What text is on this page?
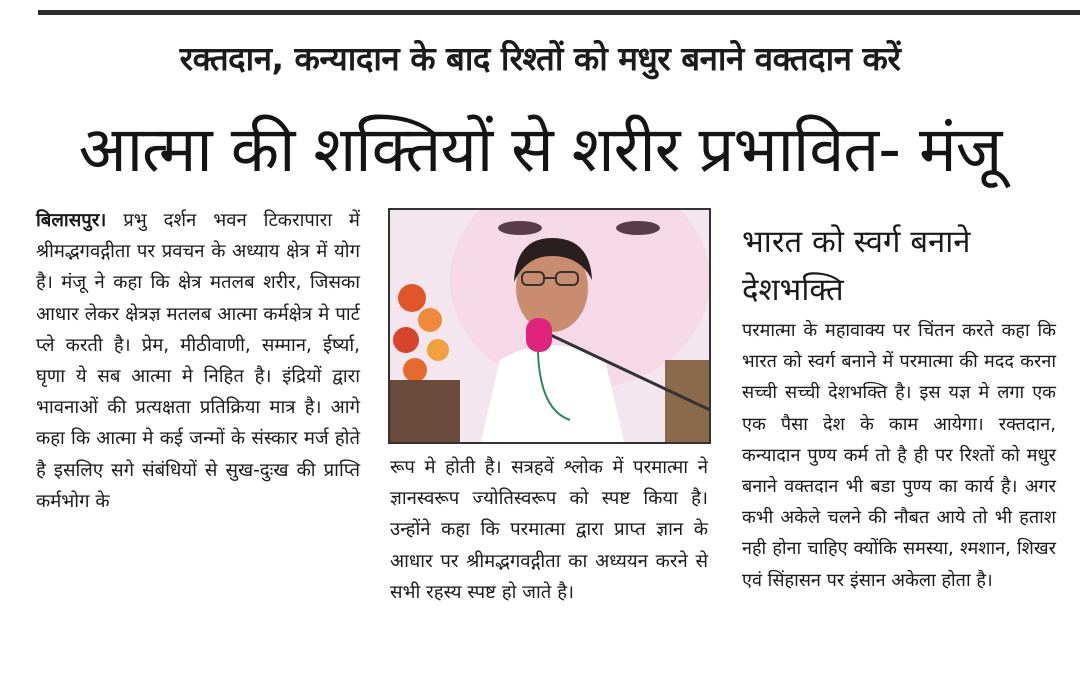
रक्तदान, कन्यादान के बाद रिश्तों को मधुर बनाने वक्तदान करें
आत्मा की शक्तियों से शरीर प्रभावित- मंजू

बिलासपुर। प्रभु दर्शन भवन टिकरापारा में श्रीमद्भगवद्गीता पर प्रवचन के अध्याय क्षेत्र में योग है। मंजू ने कहा कि क्षेत्र मतलब शरीर, जिसका आधार लेकर क्षेत्रज्ञ मतलब आत्मा कर्मक्षेत्र मे पार्ट प्ले करती है। प्रेम, मीठीवाणी, सम्मान, ईर्ष्या, घृणा ये सब आत्मा मे निहित है। इंद्रियों द्वारा भावनाओं की प्रत्यक्षता प्रतिक्रिया मात्र है। आगे कहा कि आत्मा मे कई जन्मों के संस्कार मर्ज होते है इसलिए सगे संबंधियों से सुख-दुःख की प्राप्ति कर्मभोग के

रूप मे होती है। सत्रहवें श्लोक में परमात्मा ने ज्ञानस्वरूप ज्योतिस्वरूप को स्पष्ट किया है। उन्होंने कहा कि परमात्मा द्वारा प्राप्त ज्ञान के आधार पर श्रीमद्भगवद्गीता का अध्ययन करने से सभी रहस्य स्पष्ट हो जाते है।

भारत को स्वर्ग बनाने देशभक्ति

परमात्मा के महावाक्य पर चिंतन करते कहा कि भारत को स्वर्ग बनाने में परमात्मा की मदद करना सच्ची सच्ची देशभक्ति है। इस यज्ञ मे लगा एक एक पैसा देश के काम आयेगा। रक्तदान, कन्यादान पुण्य कर्म तो है ही पर रिश्तों को मधुर बनाने वक्तदान भी बडा पुण्य का कार्य है। अगर कभी अकेले चलने की नौबत आये तो भी हताश नही होना चाहिए क्योंकि समस्या, श्मशान, शिखर एवं सिंहासन पर इंसान अकेला होता है।
